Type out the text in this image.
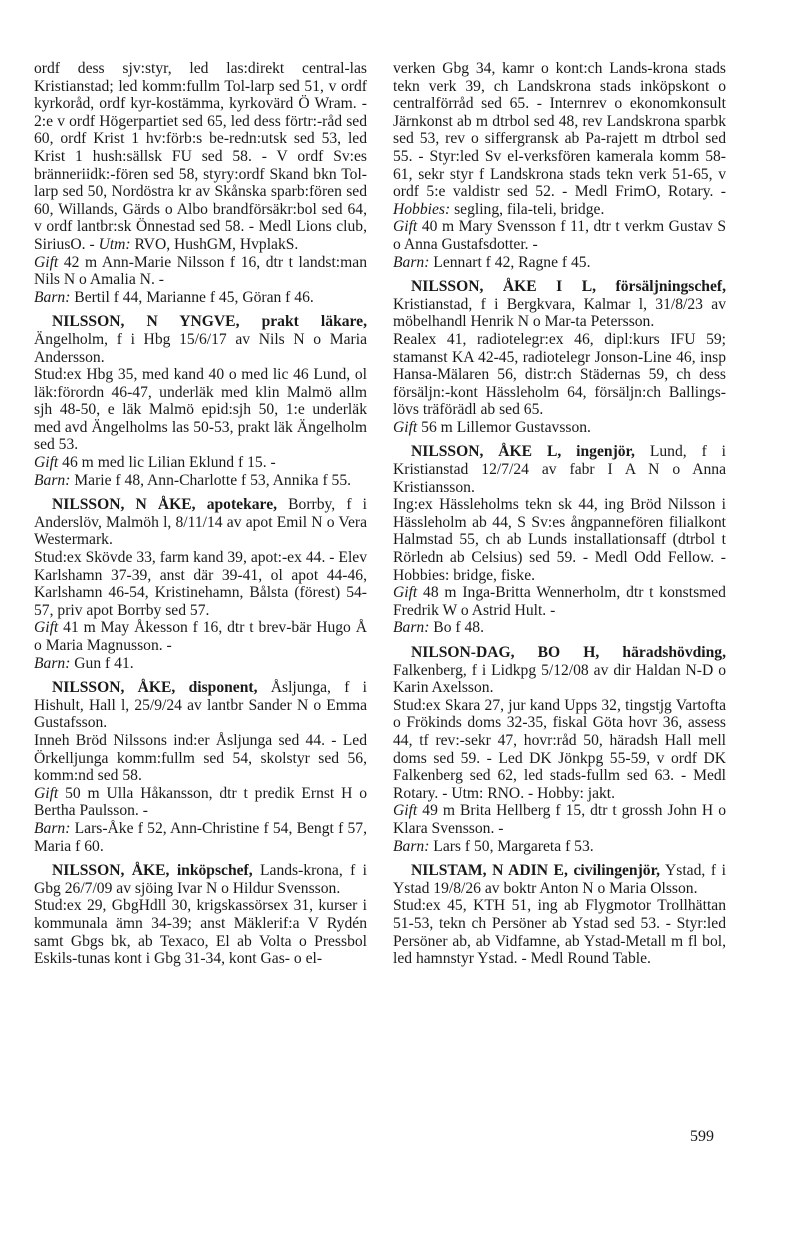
ordf dess sjv:styr, led las:direkt central-las Kristianstad; led komm:fullm Tol-larp sed 51, v ordf kyrkoråd, ordf kyr-kostämma, kyrkovärd Ö Wram. - 2:e v ordf Högerpartiet sed 65, led dess förtr:-råd sed 60, ordf Krist 1 hv:förb:s be-redn:utsk sed 53, led Krist 1 hush:sällsk FU sed 58. - V ordf Sv:es bränneriidk:-fören sed 58, styry:ordf Skand bkn Tol-larp sed 50, Nordöstra kr av Skånska sparb:fören sed 60, Willands, Gärds o Albo brandförsäkr:bol sed 64, v ordf lantbr:sk Önnestad sed 58. - Medl Lions club, SiriusO. - Utm: RVO, HushGM, HvplakS.

Gift 42 m Ann-Marie Nilsson f 16, dtr t landst:man Nils N o Amalia N. -

Barn: Bertil f 44, Marianne f 45, Göran f 46.

NILSSON, N YNGVE, prakt läkare, Ängelholm, f i Hbg 15/6/17 av Nils N o Maria Andersson.

Stud:ex Hbg 35, med kand 40 o med lic 46 Lund, ol läk:förordn 46-47, underläk med klin Malmö allm sjh 48-50, e läk Malmö epid:sjh 50, 1:e underläk med avd Ängelholms las 50-53, prakt läk Ängelholm sed 53.

Gift 46 m med lic Lilian Eklund f 15. -

Barn: Marie f 48, Ann-Charlotte f 53, Annika f 55.

NILSSON, N ÅKE, apotekare, Borrby, f i Anderslöv, Malmöh l, 8/11/14 av apot Emil N o Vera Westermark.

Stud:ex Skövde 33, farm kand 39, apot:-ex 44. - Elev Karlshamn 37-39, anst där 39-41, ol apot 44-46, Karlshamn 46-54, Kristinehamn, Bålsta (förest) 54-57, priv apot Borrby sed 57.

Gift 41 m May Åkesson f 16, dtr t brev-bär Hugo Å o Maria Magnusson. -

Barn: Gun f 41.

NILSSON, ÅKE, disponent, Åsljunga, f i Hishult, Hall l, 25/9/24 av lantbr Sander N o Emma Gustafsson.

Inneh Bröd Nilssons ind:er Åsljunga sed 44. - Led Örkelljunga komm:fullm sed 54, skolstyr sed 56, komm:nd sed 58.

Gift 50 m Ulla Håkansson, dtr t predik Ernst H o Bertha Paulsson. -

Barn: Lars-Åke f 52, Ann-Christine f 54, Bengt f 57, Maria f 60.

NILSSON, ÅKE, inköpschef, Lands-krona, f i Gbg 26/7/09 av sjöing Ivar N o Hildur Svensson.

Stud:ex 29, GbgHdll 30, krigskassörsex 31, kurser i kommunala ämn 34-39; anst Mäklerif:a V Rydén samt Gbgs bk, ab Texaco, El ab Volta o Pressbol Eskils-tunas kont i Gbg 31-34, kont Gas- o el-

verken Gbg 34, kamr o kont:ch Lands-krona stads tekn verk 39, ch Landskrona stads inköpskont o centralförråd sed 65. - Internrev o ekonomkonsult Järnkonst ab m dtrbol sed 48, rev Landskrona sparbk sed 53, rev o siffergransk ab Pa-rajett m dtrbol sed 55. - Styr:led Sv el-verksfören kamerala komm 58-61, sekr styr f Landskrona stads tekn verk 51-65, v ordf 5:e valdistr sed 52. - Medl FrimO, Rotary. - Hobbies: segling, fila-teli, bridge.

Gift 40 m Mary Svensson f 11, dtr t verkm Gustav S o Anna Gustafsdotter. -

Barn: Lennart f 42, Ragne f 45.

NILSSON, ÅKE I L, försäljningschef, Kristianstad, f i Bergkvara, Kalmar l, 31/8/23 av möbelhandl Henrik N o Mar-ta Petersson.

Realex 41, radiotelegr:ex 46, dipl:kurs IFU 59; stamanst KA 42-45, radiotelegr Jonson-Line 46, insp Hansa-Mälaren 56, distr:ch Städernas 59, ch dess försäljn:-kont Hässleholm 64, försäljn:ch Ballings-lövs träförädl ab sed 65.

Gift 56 m Lillemor Gustavsson.

NILSSON, ÅKE L, ingenjör, Lund, f i Kristianstad 12/7/24 av fabr I A N o Anna Kristiansson.

Ing:ex Hässleholms tekn sk 44, ing Bröd Nilsson i Hässleholm ab 44, S Sv:es ångpannefören filialkont Halmstad 55, ch ab Lunds installationsaff (dtrbol t Rörledn ab Celsius) sed 59. - Medl Odd Fellow. - Hobbies: bridge, fiske.

Gift 48 m Inga-Britta Wennerholm, dtr t konstsmed Fredrik W o Astrid Hult. -

Barn: Bo f 48.

NILSON-DAG, BO H, häradshövding, Falkenberg, f i Lidkpg 5/12/08 av dir Haldan N-D o Karin Axelsson.

Stud:ex Skara 27, jur kand Upps 32, tingstjg Vartofta o Frökinds doms 32-35, fiskal Göta hovr 36, assess 44, tf rev:-sekr 47, hovr:råd 50, häradsh Hall mell doms sed 59. - Led DK Jönkpg 55-59, v ordf DK Falkenberg sed 62, led stads-fullm sed 63. - Medl Rotary. - Utm: RNO. - Hobby: jakt.

Gift 49 m Brita Hellberg f 15, dtr t grossh John H o Klara Svensson. -

Barn: Lars f 50, Margareta f 53.

NILSTAM, N ADIN E, civilingenjör, Ystad, f i Ystad 19/8/26 av boktr Anton N o Maria Olsson.

Stud:ex 45, KTH 51, ing ab Flygmotor Trollhättan 51-53, tekn ch Persöner ab Ystad sed 53. - Styr:led Persöner ab, ab Vidfamne, ab Ystad-Metall m fl bol, led hamnstyr Ystad. - Medl Round Table.

599
